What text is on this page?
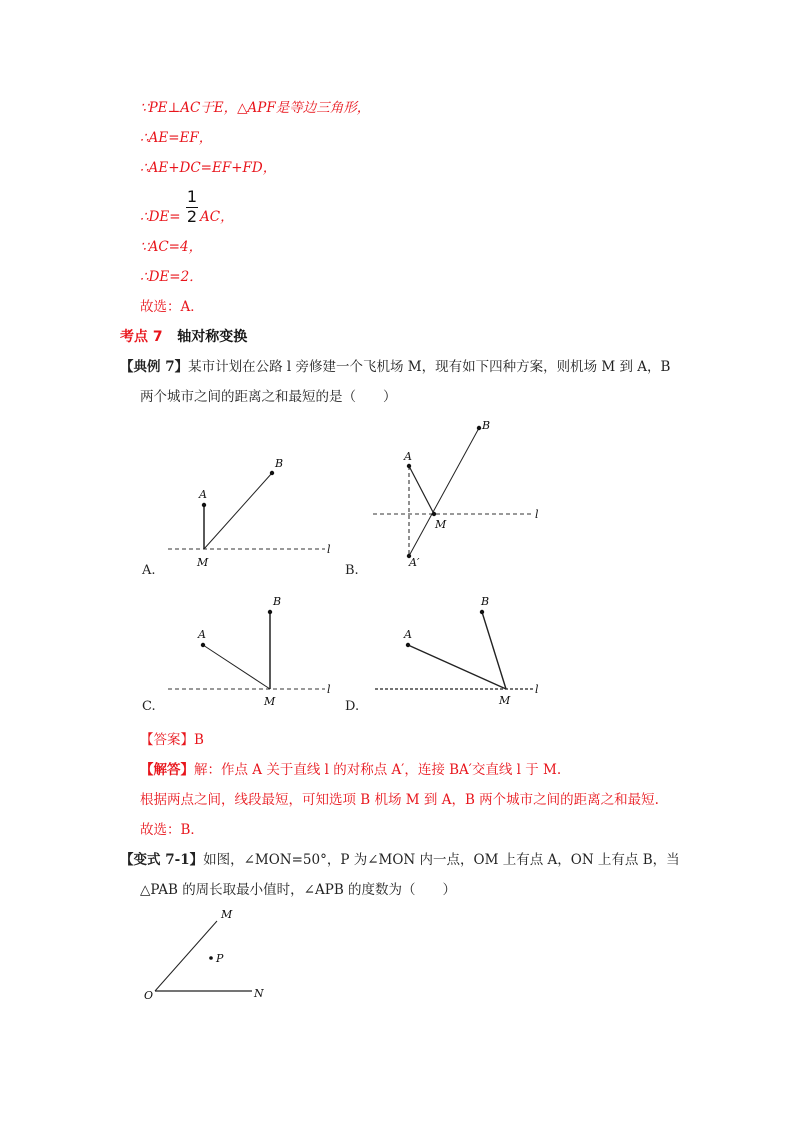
∵PE⊥AC于E，△APF是等边三角形，
∴AE=EF，
∴AE+DC=EF+FD，
∴DE=
1
2 AC，
∵AC=4，
∴DE=2．
故选：A．
考点 7 轴对称变换
【典例 7】某市计划在公路 l 旁修建一个飞机场 M，现有如下四种方案，则机场 M 到 A，B
两个城市之间的距离之和最短的是（　　）
A
B
M
l
A.
A
B
M
l
A′
B.
A
B
M
l
C.
A
B
M
l
D.
【答案】B
【解答】解：作点 A 关于直线 l 的对称点 A′，连接 BA′交直线 l 于 M.
根据两点之间，线段最短，可知选项 B 机场 M 到 A，B 两个城市之间的距离之和最短.
故选：B．
【变式 7-1】如图，∠MON=50°，P 为∠MON 内一点，OM 上有点 A，ON 上有点 B，当
△PAB 的周长取最小值时，∠APB 的度数为（　　）
O
M
N
P
